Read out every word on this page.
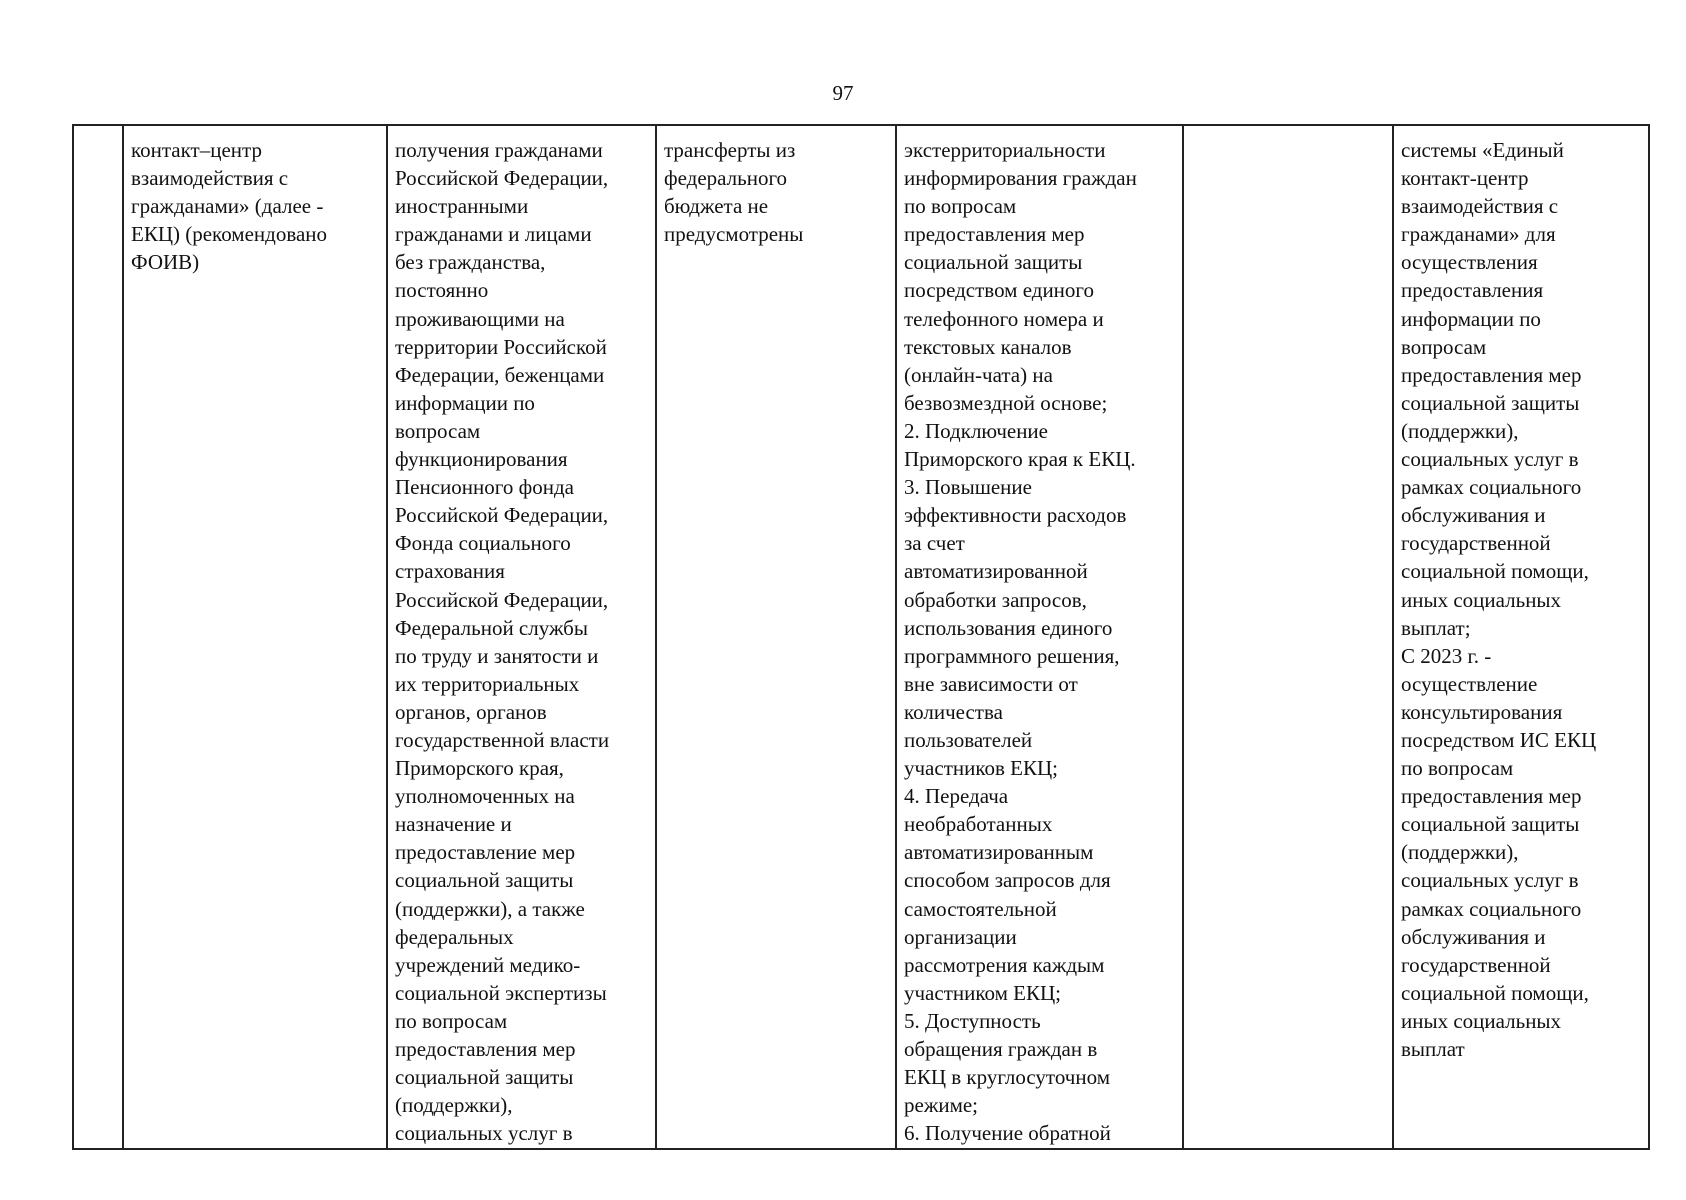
97
	контакт–центр
взаимодействия с
гражданами» (далее -
ЕКЦ) (рекомендовано
ФОИВ)	получения гражданами
Российской Федерации,
иностранными
гражданами и лицами
без гражданства,
постоянно
проживающими на
территории Российской
Федерации, беженцами
информации по
вопросам
функционирования
Пенсионного фонда
Российской Федерации,
Фонда социального
страхования
Российской Федерации,
Федеральной службы
по труду и занятости и
их территориальных
органов, органов
государственной власти
Приморского края,
уполномоченных на
назначение и
предоставление мер
социальной защиты
(поддержки), а также
федеральных
учреждений медико-
социальной экспертизы
по вопросам
предоставления мер
социальной защиты
(поддержки),
социальных услуг в	трансферты из
федерального
бюджета не
предусмотрены	экстерриториальности
информирования граждан
по вопросам
предоставления мер
социальной защиты
посредством единого
телефонного номера и
текстовых каналов
(онлайн-чата) на
безвозмездной основе;
2. Подключение
Приморского края к ЕКЦ.
3. Повышение
эффективности расходов
за счет
автоматизированной
обработки запросов,
использования единого
программного решения,
вне зависимости от
количества
пользователей
участников ЕКЦ;
4. Передача
необработанных
автоматизированным
способом запросов для
самостоятельной
организации
рассмотрения каждым
участником ЕКЦ;
5. Доступность
обращения граждан в
ЕКЦ в круглосуточном
режиме;
6. Получение обратной		системы «Единый
контакт-центр
взаимодействия с
гражданами» для
осуществления
предоставления
информации по
вопросам
предоставления мер
социальной защиты
(поддержки),
социальных услуг в
рамках социального
обслуживания и
государственной
социальной помощи,
иных социальных
выплат;
С 2023 г. -
осуществление
консультирования
посредством ИС ЕКЦ
по вопросам
предоставления мер
социальной защиты
(поддержки),
социальных услуг в
рамках социального
обслуживания и
государственной
социальной помощи,
иных социальных
выплат
